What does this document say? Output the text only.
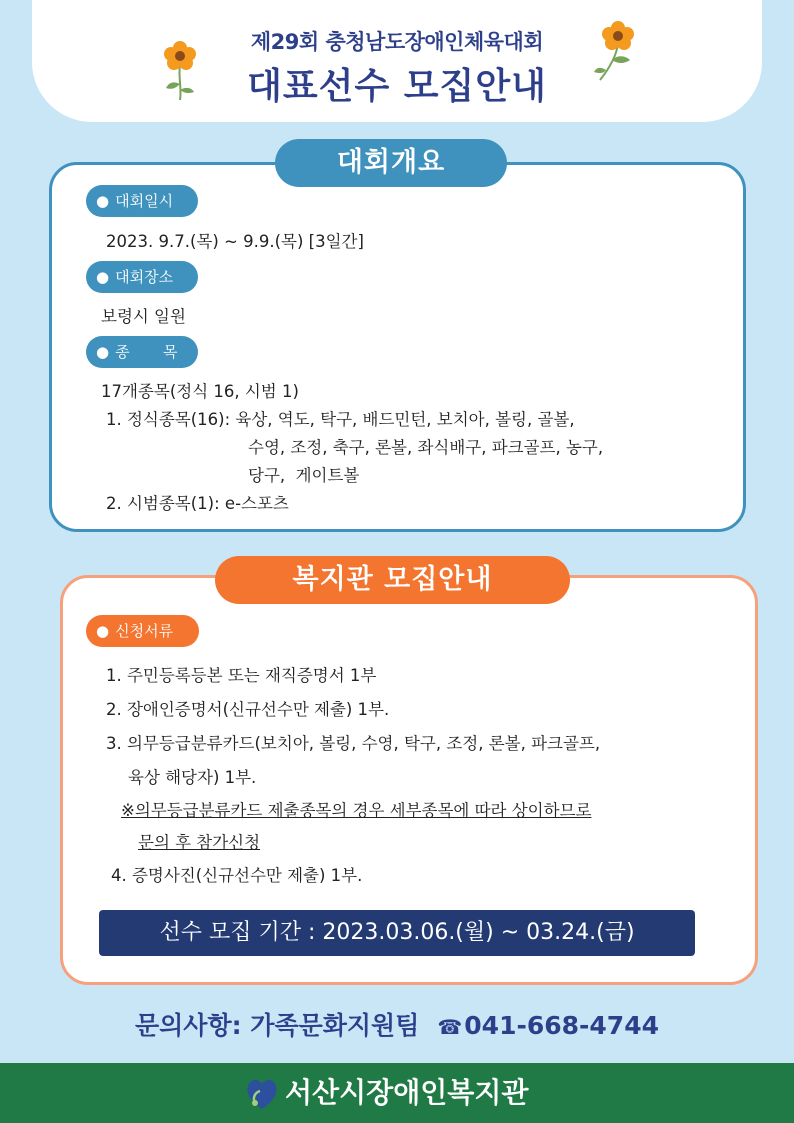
제29회 충청남도장애인체육대회
대표선수 모집안내
대회개요
● 대회일시
2023. 9.7.(목) ~ 9.9.(목) [3일간]
● 대회장소
보령시 일원
● 종       목
17개종목(정식 16, 시범 1)
1. 정식종목(16): 육상, 역도, 탁구, 배드민턴, 보치아, 볼링, 골볼,
수영, 조정, 축구, 론볼, 좌식배구, 파크골프, 농구,
당구,  게이트볼
2. 시범종목(1): e-스포츠
복지관 모집안내
● 신청서류
1. 주민등록등본 또는 재직증명서 1부
2. 장애인증명서(신규선수만 제출) 1부.
3. 의무등급분류카드(보치아, 볼링, 수영, 탁구, 조정, 론볼, 파크골프,
육상 해당자) 1부.
※의무등급분류카드 제출종목의 경우 세부종목에 따라 상이하므로
문의 후 참가신청
4. 증명사진(신규선수만 제출) 1부.
선수 모집 기간 : 2023.03.06.(월) ~ 03.24.(금)
문의사항: 가족문화지원팀 ☎041-668-4744
서산시장애인복지관
